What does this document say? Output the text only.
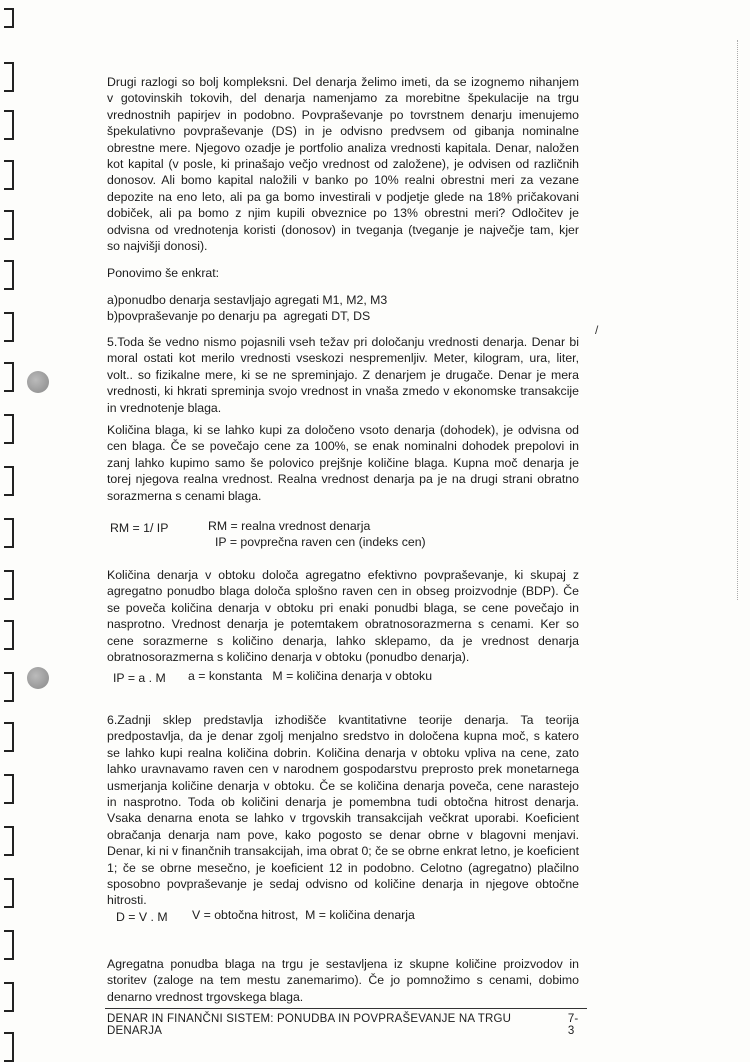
/
Drugi razlogi so bolj kompleksni. Del denarja želimo imeti, da se izognemo nihanjem
v gotovinskih tokovih, del denarja namenjamo za morebitne špekulacije na trgu
vrednostnih papirjev in podobno. Povpraševanje po tovrstnem denarju imenujemo
špekulativno povpraševanje (DS) in je odvisno predvsem od gibanja nominalne
obrestne mere. Njegovo ozadje je portfolio analiza vrednosti kapitala. Denar, naložen
kot kapital (v posle, ki prinašajo večjo vrednost od založene), je odvisen od različnih
donosov. Ali bomo kapital naložili v banko po 10% realni obrestni meri za vezane
depozite na eno leto, ali pa ga bomo investirali v podjetje glede na 18% pričakovani
dobiček, ali pa bomo z njim kupili obveznice po 13% obrestni meri? Odločitev je
odvisna od vrednotenja koristi (donosov) in tveganja (tveganje je največje tam, kjer
so najvišji donosi).
Ponovimo še enkrat:
a)ponudbo denarja sestavljajo agregati M1, M2, M3
b)povpraševanje po denarju pa  agregati DT, DS
5.Toda še vedno nismo pojasnili vseh težav pri določanju vrednosti denarja. Denar bi
moral ostati kot merilo vrednosti vseskozi nespremenljiv. Meter, kilogram, ura, liter,
volt.. so fizikalne mere, ki se ne spreminjajo. Z denarjem je drugače. Denar je mera
vrednosti, ki hkrati spreminja svojo vrednost in vnaša zmedo v ekonomske transakcije
in vrednotenje blaga.
Količina blaga, ki se lahko kupi za določeno vsoto denarja (dohodek), je odvisna od
cen blaga. Če se povečajo cene za 100%, se enak nominalni dohodek prepolovi in
zanj lahko kupimo samo še polovico prejšnje količine blaga. Kupna moč denarja je
torej njegova realna vrednost. Realna vrednost denarja pa je na drugi strani obratno
sorazmerna s cenami blaga.
RM = 1/ IP	RM = realna vrednost denarja
IP = povprečna raven cen (indeks cen)
Količina denarja v obtoku določa agregatno efektivno povpraševanje, ki skupaj z
agregatno ponudbo blaga določa splošno raven cen in obseg proizvodnje (BDP). Če
se poveča količina denarja v obtoku pri enaki ponudbi blaga, se cene povečajo in
nasprotno. Vrednost denarja je potemtakem obratnosorazmerna s cenami. Ker so
cene sorazmerne s količino denarja, lahko sklepamo, da je vrednost denarja
obratnosorazmerna s količino denarja v obtoku (ponudbo denarja).
IP = a . M a = konstanta   M = količina denarja v obtoku
6.Zadnji sklep predstavlja izhodišče kvantitativne teorije denarja. Ta teorija
predpostavlja, da je denar zgolj menjalno sredstvo in določena kupna moč, s katero
se lahko kupi realna količina dobrin. Količina denarja v obtoku vpliva na cene, zato
lahko uravnavamo raven cen v narodnem gospodarstvu preprosto prek monetarnega
usmerjanja količine denarja v obtoku. Če se količina denarja poveča, cene narastejo
in nasprotno. Toda ob količini denarja je pomembna tudi obtočna hitrost denarja.
Vsaka denarna enota se lahko v trgovskih transakcijah večkrat uporabi. Koeficient
obračanja denarja nam pove, kako pogosto se denar obrne v blagovni menjavi.
Denar, ki ni v finančnih transakcijah, ima obrat 0; če se obrne enkrat letno, je koeficient
1; če se obrne mesečno, je koeficient 12 in podobno. Celotno (agregatno) plačilno
sposobno povpraševanje je sedaj odvisno od količine denarja in njegove obtočne
hitrosti.
D = V . M V = obtočna hitrost,  M = količina denarja
Agregatna ponudba blaga na trgu je sestavljena iz skupne količine proizvodov in
storitev (zaloge na tem mestu zanemarimo). Če jo pomnožimo s cenami, dobimo
denarno vrednost trgovskega blaga.
DENAR IN FINANČNI SISTEM: PONUDBA IN POVPRAŠEVANJE NA TRGU DENARJA
7-3
